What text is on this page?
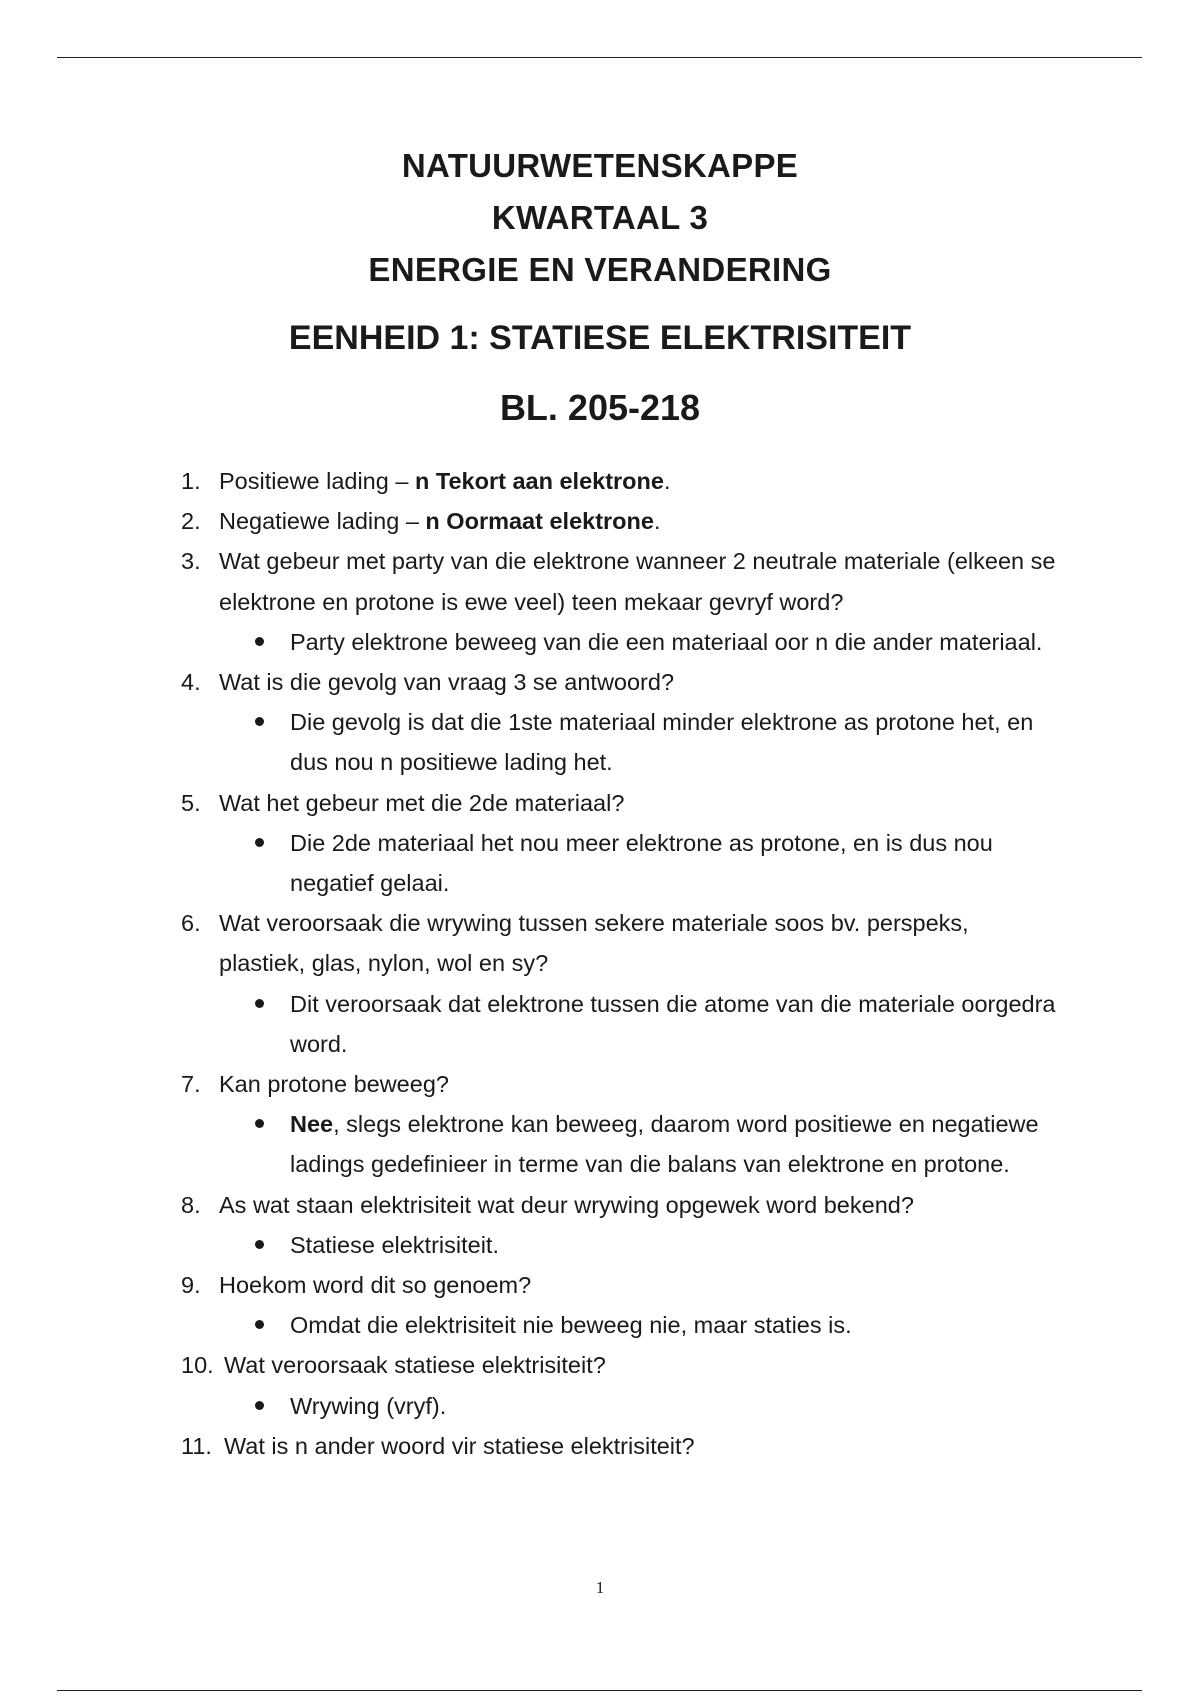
NATUURWETENSKAPPE
KWARTAAL 3
ENERGIE EN VERANDERING
EENHEID 1: STATIESE ELEKTRISITEIT
BL. 205-218
1. Positiewe lading – n Tekort aan elektrone.
2. Negatiewe lading – n Oormaat elektrone.
3. Wat gebeur met party van die elektrone wanneer 2 neutrale materiale (elkeen se elektrone en protone is ewe veel) teen mekaar gevryf word?
Party elektrone beweeg van die een materiaal oor n die ander materiaal.
4. Wat is die gevolg van vraag 3 se antwoord?
Die gevolg is dat die 1ste materiaal minder elektrone as protone het, en dus nou n positiewe lading het.
5. Wat het gebeur met die 2de materiaal?
Die 2de materiaal het nou meer elektrone as protone, en is dus nou negatief gelaai.
6. Wat veroorsaak die wrywing tussen sekere materiale soos bv. perspeks, plastiek, glas, nylon, wol en sy?
Dit veroorsaak dat elektrone tussen die atome van die materiale oorgedra word.
7. Kan protone beweeg?
Nee, slegs elektrone kan beweeg, daarom word positiewe en negatiewe ladings gedefinieer in terme van die balans van elektrone en protone.
8. As wat staan elektrisiteit wat deur wrywing opgewek word bekend?
Statiese elektrisiteit.
9. Hoekom word dit so genoem?
Omdat die elektrisiteit nie beweeg nie, maar staties is.
10. Wat veroorsaak statiese elektrisiteit?
Wrywing (vryf).
11. Wat is n ander woord vir statiese elektrisiteit?
1
